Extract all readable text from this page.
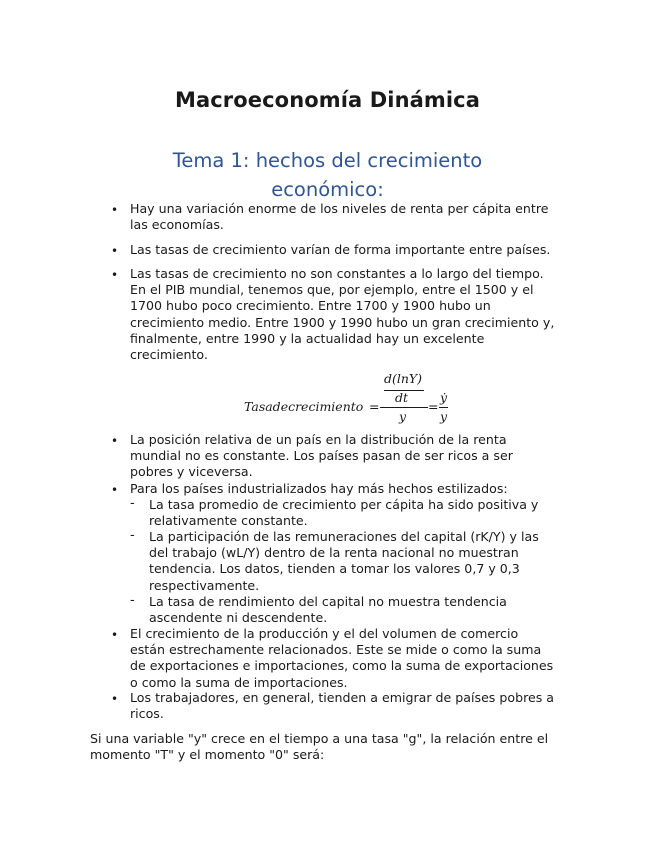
Macroeconomía Dinámica
Tema 1: hechos del crecimiento
económico:
• Hay una variación enorme de los niveles de renta per cápita entre
las economías.
• Las tasas de crecimiento varían de forma importante entre países.
• Las tasas de crecimiento no son constantes a lo largo del tiempo.
En el PIB mundial, tenemos que, por ejemplo, entre el 1500 y el
1700 hubo poco crecimiento. Entre 1700 y 1900 hubo un
crecimiento medio. Entre 1900 y 1990 hubo un gran crecimiento y,
finalmente, entre 1990 y la actualidad hay un excelente
crecimiento.
Tasadecrecimiento =
d(lnY)
dt
y
=
ẏ
y
• La posición relativa de un país en la distribución de la renta
mundial no es constante. Los países pasan de ser ricos a ser
pobres y viceversa.
• Para los países industrializados hay más hechos estilizados:
- La tasa promedio de crecimiento per cápita ha sido positiva y
relativamente constante.
- La participación de las remuneraciones del capital (rK/Y) y las
del trabajo (wL/Y) dentro de la renta nacional no muestran
tendencia. Los datos, tienden a tomar los valores 0,7 y 0,3
respectivamente.
- La tasa de rendimiento del capital no muestra tendencia
ascendente ni descendente.
• El crecimiento de la producción y el del volumen de comercio
están estrechamente relacionados. Este se mide o como la suma
de exportaciones e importaciones, como la suma de exportaciones
o como la suma de importaciones.
• Los trabajadores, en general, tienden a emigrar de países pobres a
ricos.
Si una variable "y" crece en el tiempo a una tasa "g", la relación entre el
momento "T" y el momento "0" será:
